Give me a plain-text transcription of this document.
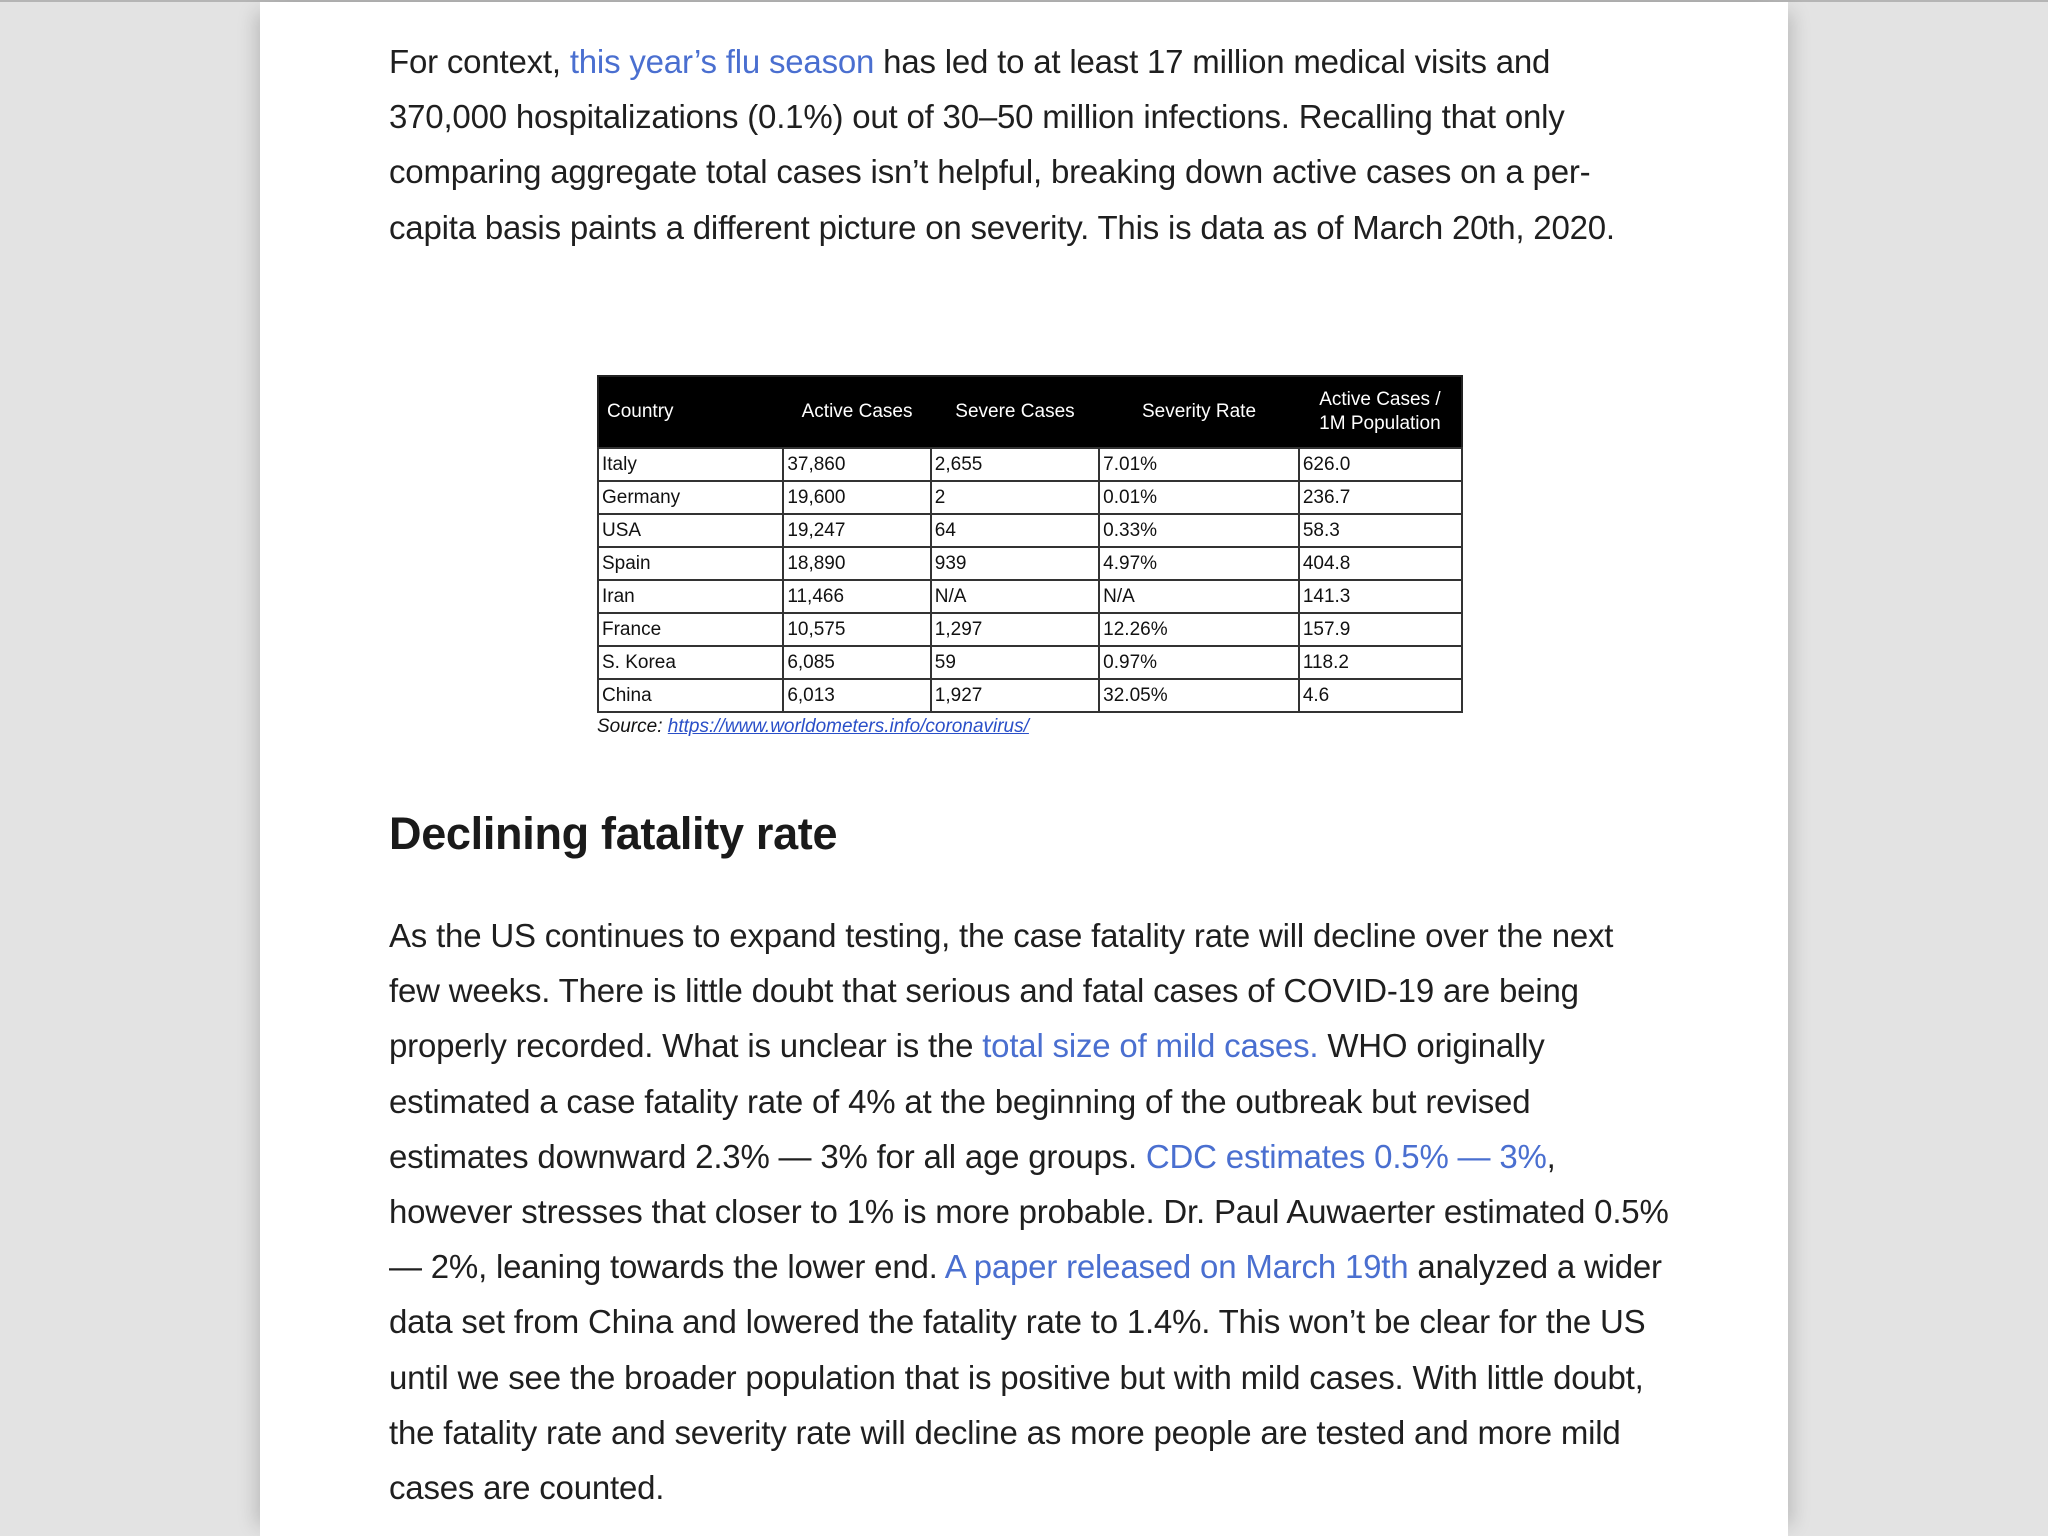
For context, this year’s flu season has led to at least 17 million medical visits and 370,000 hospitalizations (0.1%) out of 30–50 million infections. Recalling that only comparing aggregate total cases isn’t helpful, breaking down active cases on a per-capita basis paints a different picture on severity. This is data as of March 20th, 2020.

Country	Active Cases	Severe Cases	Severity Rate	Active Cases / 1M Population
Italy	37,860	2,655	7.01%	626.0
Germany	19,600	2	0.01%	236.7
USA	19,247	64	0.33%	58.3
Spain	18,890	939	4.97%	404.8
Iran	11,466	N/A	N/A	141.3
France	10,575	1,297	12.26%	157.9
S. Korea	6,085	59	0.97%	118.2
China	6,013	1,927	32.05%	4.6
Source: https://www.worldometers.info/coronavirus/
Declining fatality rate

As the US continues to expand testing, the case fatality rate will decline over the next few weeks. There is little doubt that serious and fatal cases of COVID-19 are being properly recorded. What is unclear is the total size of mild cases. WHO originally estimated a case fatality rate of 4% at the beginning of the outbreak but revised estimates downward 2.3% — 3% for all age groups. CDC estimates 0.5% — 3%, however stresses that closer to 1% is more probable. Dr. Paul Auwaerter estimated 0.5% — 2%, leaning towards the lower end. A paper released on March 19th analyzed a wider data set from China and lowered the fatality rate to 1.4%. This won’t be clear for the US until we see the broader population that is positive but with mild cases. With little doubt, the fatality rate and severity rate will decline as more people are tested and more mild cases are counted.
